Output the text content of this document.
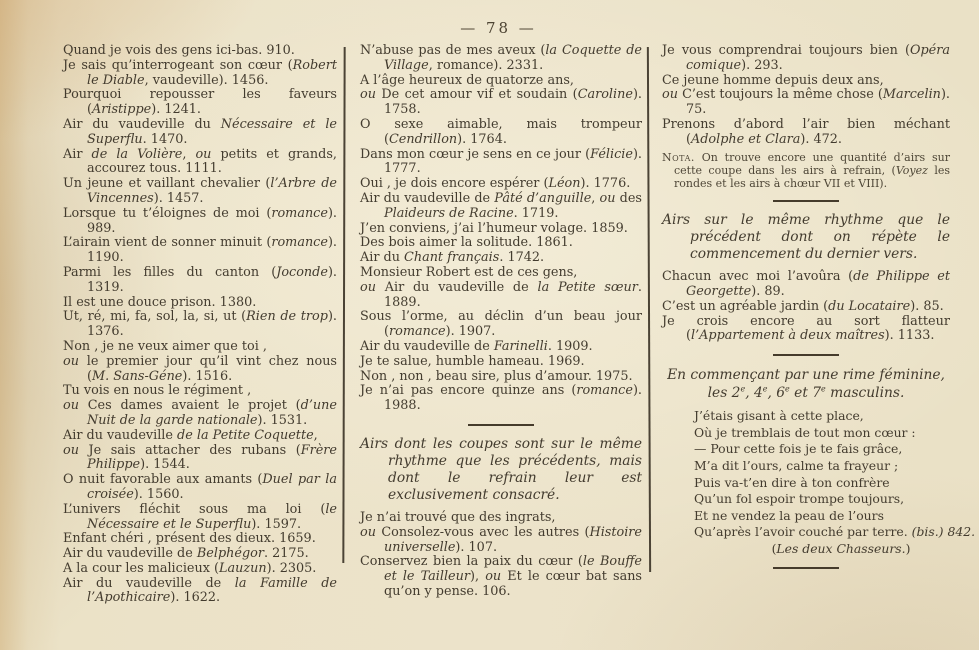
— 78 —

Quand je vois des gens ici-bas. 910.

Je sais qu’interrogeant son cœur (Robert le Diable, vaudeville). 1456.

Pourquoi repousser les faveurs (Aristippe). 1241.

Air du vaudeville du Nécessaire et le Superflu. 1470.

Air de la Volière, ou petits et grands, accourez tous. 1111.

Un jeune et vaillant chevalier (l’Arbre de Vincennes). 1457.

Lorsque tu t’éloignes de moi (romance). 989.

L’airain vient de sonner minuit (romance). 1190.

Parmi les filles du canton (Joconde). 1319.

Il est une douce prison. 1380.

Ut, ré, mi, fa, sol, la, si, ut (Rien de trop). 1376.

Non , je ne veux aimer que toi ,

ou le premier jour qu’il vint chez nous (M. Sans-Géne). 1516.

Tu vois en nous le régiment ,

ou Ces dames avaient le projet (d’une Nuit de la garde nationale). 1531.

Air du vaudeville de la Petite Coquette,

ou Je sais attacher des rubans (Frère Philippe). 1544.

O nuit favorable aux amants (Duel par la croisée). 1560.

L’univers fléchit sous ma loi (le Nécessaire et le Superflu). 1597.

Enfant chéri , présent des dieux. 1659.

Air du vaudeville de Belphégor. 2175.

A la cour les malicieux (Lauzun). 2305.

Air du vaudeville de la Famille de l’Apothicaire). 1622.

N’abuse pas de mes aveux (la Coquette de Village, romance). 2331.

A l’âge heureux de quatorze ans,

ou De cet amour vif et soudain (Caroline). 1758.

O sexe aimable, mais trompeur (Cendrillon). 1764.

Dans mon cœur je sens en ce jour (Félicie). 1777.

Oui , je dois encore espérer (Léon). 1776.

Air du vaudeville de Pâté d’anguille, ou des Plaideurs de Racine. 1719.

J’en conviens, j’ai l’humeur volage. 1859.

Des bois aimer la solitude. 1861.

Air du Chant français. 1742.

Monsieur Robert est de ces gens,

ou Air du vaudeville de la Petite sœur. 1889.

Sous l’orme, au déclin d’un beau jour (romance). 1907.

Air du vaudeville de Farinelli. 1909.

Je te salue, humble hameau. 1969.

Non , non , beau sire, plus d’amour. 1975.

Je n’ai pas encore quinze ans (romance). 1988.

Airs dont les coupes sont sur le même rhythme que les précédents, mais dont le refrain leur est exclusivement consacré.

Je n’ai trouvé que des ingrats,

ou Consolez-vous avec les autres (Histoire universelle). 107.

Conservez bien la paix du cœur (le Bouffe et le Tailleur), ou Et le cœur bat sans qu’on y pense. 106.

Je vous comprendrai toujours bien (Opéra comique). 293.

Ce jeune homme depuis deux ans,

ou C’est toujours la même chose (Marcelin). 75.

Prenons d’abord l’air bien méchant (Adolphe et Clara). 472.

Nota. On trouve encore une quantité d’airs sur cette coupe dans les airs à refrain, (Voyez les rondes et les airs à chœur VII et VIII).

Airs sur le même rhythme que le précédent dont on répète le commencement du dernier vers.

Chacun avec moi l’avoûra (de Philippe et Georgette). 89.

C’est un agréable jardin (du Locataire). 85.

Je crois encore au sort flatteur (l’Appartement à deux maîtres). 1133.

En commençant par une rime féminine, les 2e, 4e, 6e et 7e masculins.

J’étais gisant à cette place,
Où je tremblais de tout mon cœur :
— Pour cette fois je te fais grâce,
M’a dit l’ours, calme ta frayeur ;
Puis va-t’en dire à ton confrère
Qu’un fol espoir trompe toujours,
Et ne vendez la peau de l’ours
Qu’après l’avoir couché par terre. (bis.) 842.

(Les deux Chasseurs.)
